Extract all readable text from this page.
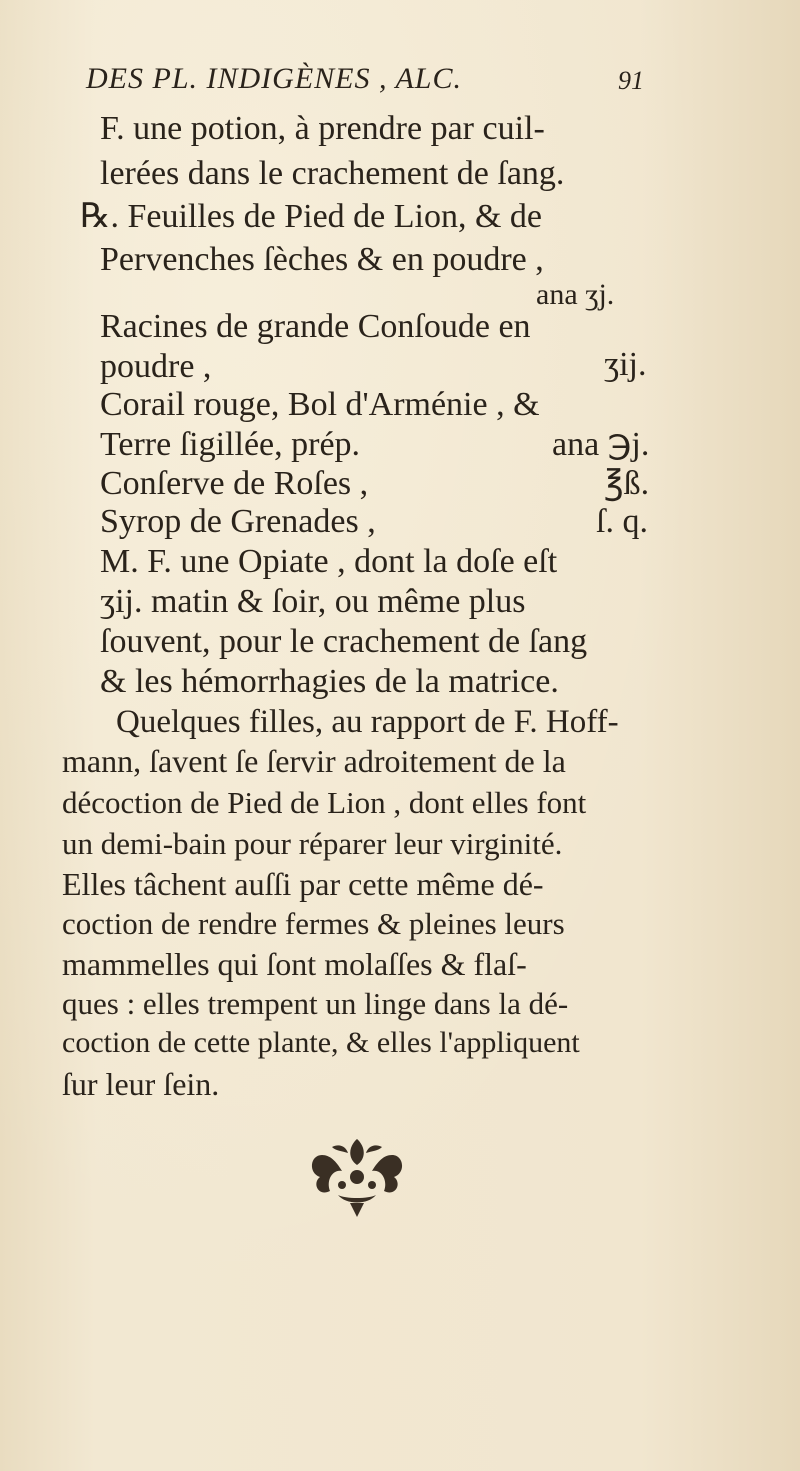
DES PL. INDIGÈNES , ALC.	91
F. une potion, à prendre par cuil-
lerées dans le crachement de ſang.
℞. Feuilles de Pied de Lion, & de
Pervenches ſèches & en poudre ,
ana ʒj.
Racines de grande Conſoude en
poudre ,	ʒij.
Corail rouge, Bol d'Arménie , &
Terre ſigillée, prép.	ana ℈j.
Conſerve de Roſes ,	℥ß.
Syrop de Grenades ,	ſ. q.
M. F. une Opiate , dont la doſe eſt
ʒij. matin & ſoir, ou même plus
ſouvent, pour le crachement de ſang
& les hémorrhagies de la matrice.
Quelques filles, au rapport de F. Hoff-
mann, ſavent ſe ſervir adroitement de la
décoction de Pied de Lion , dont elles font
un demi-bain pour réparer leur virginité.
Elles tâchent auſſi par cette même dé-
coction de rendre fermes & pleines leurs
mammelles qui ſont molaſſes & flaſ-
ques : elles trempent un linge dans la dé-
coction de cette plante, & elles l'appliquent
ſur leur ſein.
